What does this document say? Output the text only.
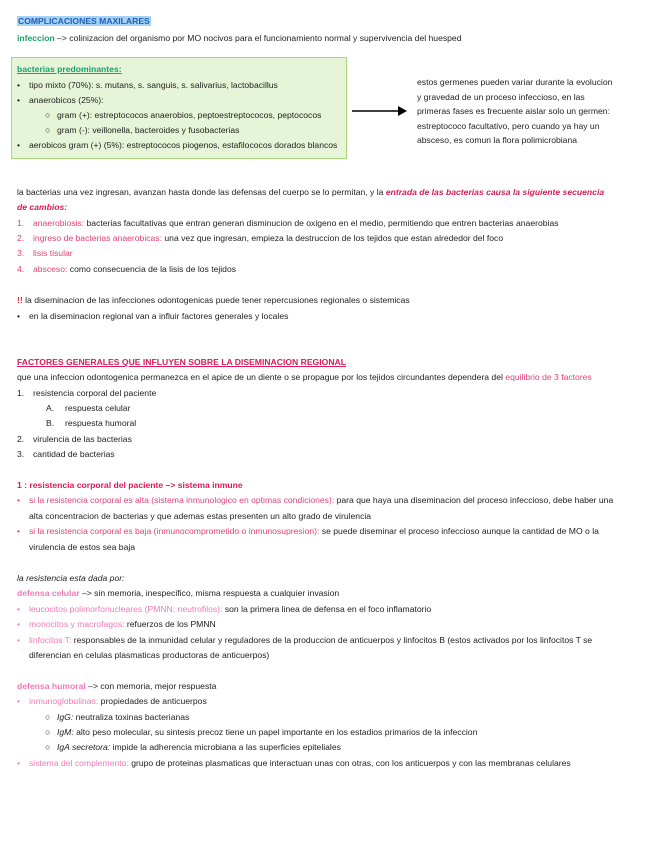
COMPLICACIONES MAXILARES
infeccion –> colinizacion del organismo por MO nocivos para el funcionamiento normal y supervivencia del huesped
bacterias predominantes:
• tipo mixto (70%): s. mutans, s. sanguis, s. salivarius, lactobacillus
• anaerobicos (25%):
○ gram (+): estreptococos anaerobios, peptoestreptococos, peptococos
○ gram (-): veillonella, bacteroides y fusobacterias
• aerobicos gram (+) (5%): estreptococos piogenos, estafilococos dorados blancos
estos germenes pueden variar durante la evolucion
y gravedad de un proceso infeccioso, en las
primeras fases es frecuente aislar solo un germen:
estreptococo facultativo, pero cuando ya hay un
absceso, es comun la flora polimicrobiana
la bacterias una vez ingresan, avanzan hasta donde las defensas del cuerpo se lo permitan, y la entrada de las bacterias causa la siguiente secuencia
de cambios:
1. anaerobiosis: bacterias facultativas que entran generan disminucion de oxigeno en el medio, permitiendo que entren bacterias anaerobias
2. ingreso de bacterias anaerobicas: una vez que ingresan, empieza la destruccion de los tejidos que estan alrededor del foco
3. lisis tisular
4. absceso: como consecuencia de la lisis de los tejidos
!! la diseminacion de las infecciones odontogenicas puede tener repercusiones regionales o sistemicas
• en la diseminacion regional van a influir factores generales y locales
FACTORES GENERALES QUE INFLUYEN SOBRE LA DISEMINACION REGIONAL
que una infeccion odontogenica permanezca en el apice de un diente o se propague por los tejidos circundantes dependera del equilibrio de 3 factores
1. resistencia corporal del paciente
A. respuesta celular
B. respuesta humoral
2. virulencia de las bacterias
3. cantidad de bacterias
1 : resistencia corporal del paciente –> sistema inmune
• si la resistencia corporal es alta (sistema inmunologico en optimas condiciones): para que haya una diseminacion del proceso infeccioso, debe haber una
alta concentracion de bacterias y que ademas estas presenten un alto grado de virulencia
• si la resistencia corporal es baja (inmunocomprometido o inmunosupresion): se puede diseminar el proceso infeccioso aunque la cantidad de MO o la
virulencia de estos sea baja
la resistencia esta dada por:
defensa celular –> sin memoria, inespecifico, misma respuesta a cualquier invasion
• leucocitos polimorfonucleares (PMNN: neutrofilos): son la primera linea de defensa en el foco inflamatorio
• monocitos y macrofagos: refuerzos de los PMNN
• linfocitos T: responsables de la inmunidad celular y reguladores de la produccion de anticuerpos y linfocitos B (estos activados por los linfocitos T se
diferencian en celulas plasmaticas productoras de anticuerpos)
defensa humoral –> con memoria, mejor respuesta
• inmunoglobulinas: propiedades de anticuerpos
○ IgG: neutraliza toxinas bacterianas
○ IgM: alto peso molecular, su sintesis precoz tiene un papel importante en los estadios primarios de la infeccion
○ IgA secretora: impide la adherencia microbiana a las superficies epiteliales
• sistema del complemento: grupo de proteinas plasmaticas que interactuan unas con otras, con los anticuerpos y con las membranas celulares
